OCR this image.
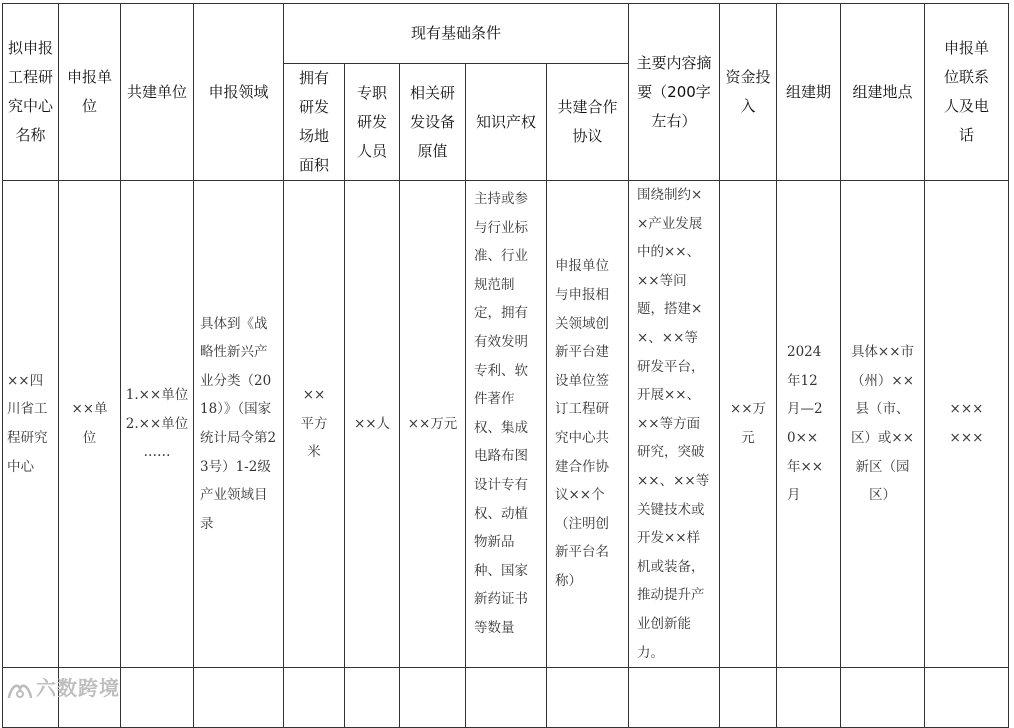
拟申报工程研究中心名称	申报单位	共建单位	申报领域	现有基础条件					主要内容摘要（200字左右）	资金投入	组建期	组建地点	申报单位联系人及电话

				拥有研发场地面积	专职研发人员	相关研发设备原值	知识产权	共建合作协议					

××四川省工程研究中心	××单位	1.××单位
2.××单位
……	具体到《战略性新兴产业分类（2018）》（国家统计局令第23号）1-2级产业领域目录	××平方米	××人	××万元	主持或参与行业标准、行业规范制定，拥有有效发明专利、软件著作权、集成电路布图设计专有权、动植物新品种、国家新药证书等数量	申报单位与申报相关领域创新平台建设单位签订工程研究中心共建合作协议××个（注明创新平台名称）	围绕制约××产业发展中的××、××等问题，搭建××、××等研发平台，开展××、××等方面研究，突破××、××等关键技术或开发××样机或装备，推动提升产业创新能力。	××万元	2024年12月—20××年××月	具体××市（州）××县（市、区）或××新区（园区）	××× ×××

六数跨境
